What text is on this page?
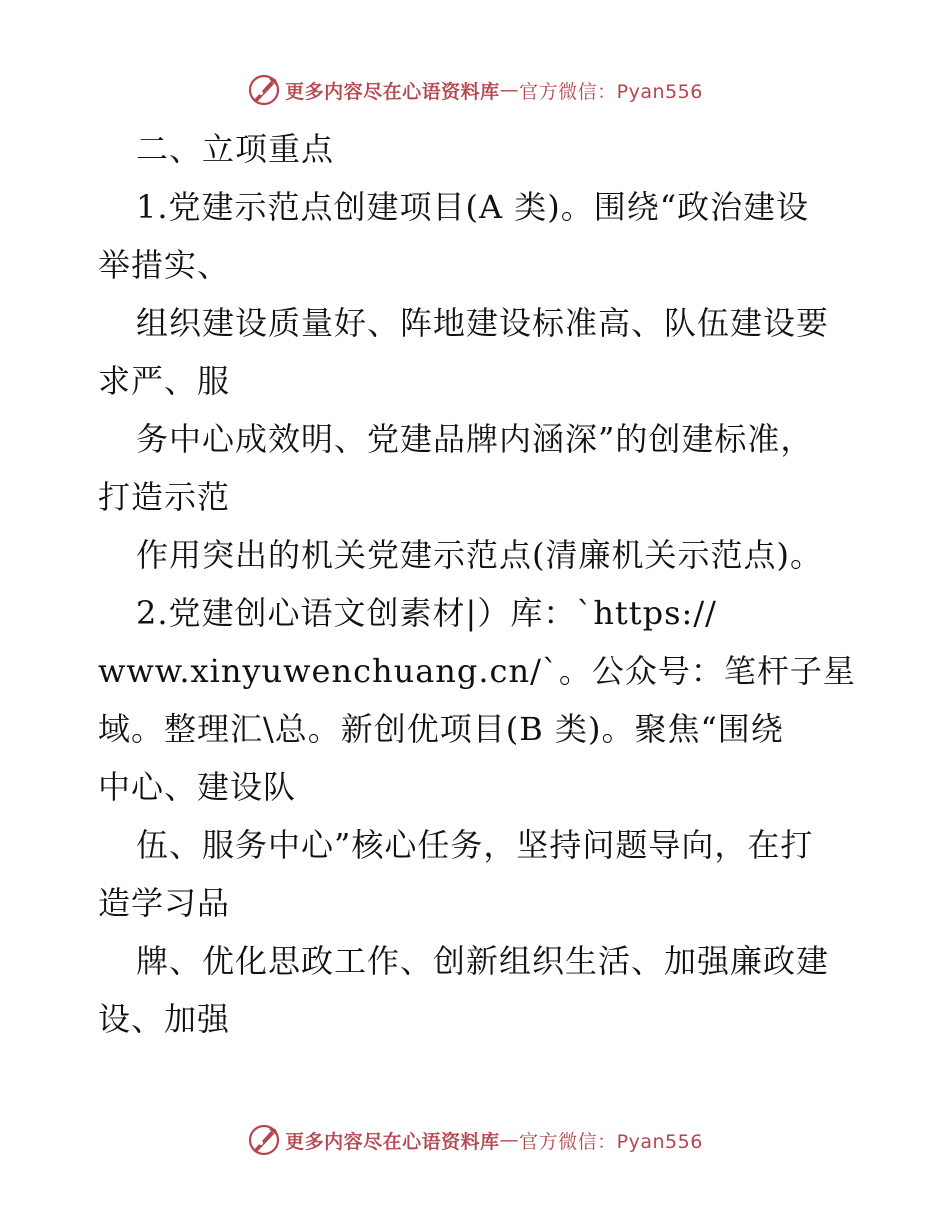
更多内容尽在心语资料库 — 官方微信：Pyan556
二、立项重点
1.党建示范点创建项目(A 类)。围绕“政治建设
举措实、
组织建设质量好、阵地建设标准高、队伍建设要
求严、服
务中心成效明、党建品牌内涵深”的创建标准，
打造示范
作用突出的机关党建示范点(清廉机关示范点)。
2.党建创心语文创素材|）库：`https://
www.xinyuwenchuang.cn/`。公众号：笔杆子星
域。整理汇\总。新创优项目(B 类)。聚焦“围绕
中心、建设队
伍、服务中心”核心任务，坚持问题导向，在打
造学习品
牌、优化思政工作、创新组织生活、加强廉政建
设、加强
更多内容尽在心语资料库 — 官方微信：Pyan556
